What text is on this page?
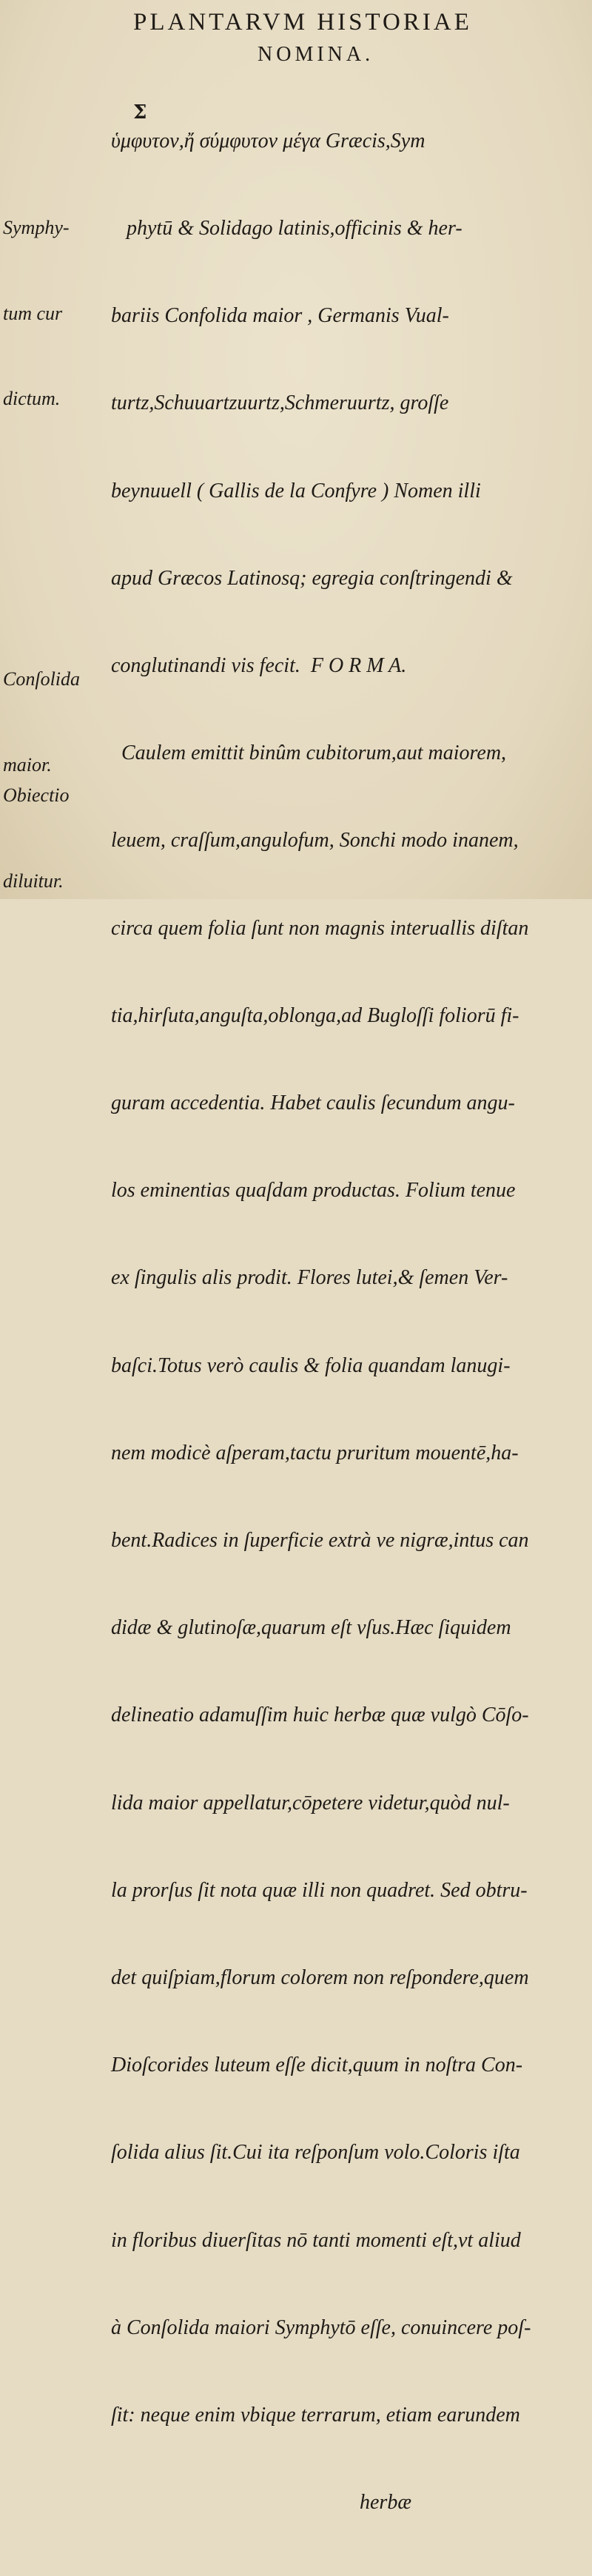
PLANTARVM HISTORIAE
NOMINA.
Σ

ὑμφυτον,ἤ σύμφυτον μέγα Græcis,Sym

phytū & Solidago latinis,officinis & her-

bariis Confolida maior , Germanis Vual-

turtz,Schuuartzuurtz,Schmeruurtz, groſſe

beynuuell ( Gallis de la Confyre ) Nomen illi

apud Græcos Latinosq; egregia conſtringendi &

conglutinandi vis fecit.  F O R M A.

Caulem emittit binûm cubitorum,aut maiorem,

leuem, craſſum,angulofum, Sonchi modo inanem,

circa quem folia ſunt non magnis interuallis diſtan

tia,hirſuta,anguſta,oblonga,ad Bugloſſi foliorū fi-

guram accedentia. Habet caulis ſecundum angu-

los eminentias quaſdam productas. Folium tenue

ex ſingulis alis prodit. Flores lutei,& ſemen Ver-

baſci.Totus verò caulis & folia quandam lanugi-

nem modicè aſperam,tactu pruritum mouentē,ha-

bent.Radices in ſuperficie extrà ve nigræ,intus can

didæ & glutinoſæ,quarum eſt vſus.Hæc ſiquidem

delineatio adamuſſim huic herbæ quæ vulgò Cōſo-

lida maior appellatur,cōpetere videtur,quòd nul-

la prorſus ſit nota quæ illi non quadret. Sed obtru-

det quiſpiam,florum colorem non reſpondere,quem

Dioſcorides luteum eſſe dicit,quum in noſtra Con-

ſolida alius ſit.Cui ita reſponſum volo.Coloris iſta

in floribus diuerſitas nō tanti momenti eſt,vt aliud

à Conſolida maiori Symphytō eſſe, conuincere poſ-

ſit: neque enim vbique terrarum, etiam earundem

herbæ

Symphy-

tum cur

dictum.

Conſolida

maior.

Obiectio

diluitur.
